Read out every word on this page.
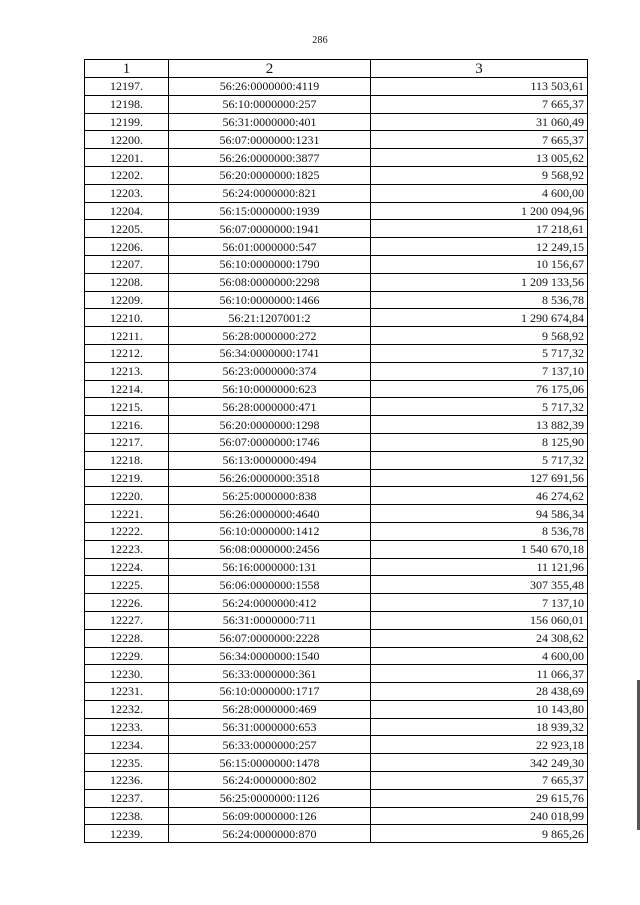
286
1	2	3
12197.	56:26:0000000:4119	113 503,61
12198.	56:10:0000000:257	7 665,37
12199.	56:31:0000000:401	31 060,49
12200.	56:07:0000000:1231	7 665,37
12201.	56:26:0000000:3877	13 005,62
12202.	56:20:0000000:1825	9 568,92
12203.	56:24:0000000:821	4 600,00
12204.	56:15:0000000:1939	1 200 094,96
12205.	56:07:0000000:1941	17 218,61
12206.	56:01:0000000:547	12 249,15
12207.	56:10:0000000:1790	10 156,67
12208.	56:08:0000000:2298	1 209 133,56
12209.	56:10:0000000:1466	8 536,78
12210.	56:21:1207001:2	1 290 674,84
12211.	56:28:0000000:272	9 568,92
12212.	56:34:0000000:1741	5 717,32
12213.	56:23:0000000:374	7 137,10
12214.	56:10:0000000:623	76 175,06
12215.	56:28:0000000:471	5 717,32
12216.	56:20:0000000:1298	13 882,39
12217.	56:07:0000000:1746	8 125,90
12218.	56:13:0000000:494	5 717,32
12219.	56:26:0000000:3518	127 691,56
12220.	56:25:0000000:838	46 274,62
12221.	56:26:0000000:4640	94 586,34
12222.	56:10:0000000:1412	8 536,78
12223.	56:08:0000000:2456	1 540 670,18
12224.	56:16:0000000:131	11 121,96
12225.	56:06:0000000:1558	307 355,48
12226.	56:24:0000000:412	7 137,10
12227.	56:31:0000000:711	156 060,01
12228.	56:07:0000000:2228	24 308,62
12229.	56:34:0000000:1540	4 600,00
12230.	56:33:0000000:361	11 066,37
12231.	56:10:0000000:1717	28 438,69
12232.	56:28:0000000:469	10 143,80
12233.	56:31:0000000:653	18 939,32
12234.	56:33:0000000:257	22 923,18
12235.	56:15:0000000:1478	342 249,30
12236.	56:24:0000000:802	7 665,37
12237.	56:25:0000000:1126	29 615,76
12238.	56:09:0000000:126	240 018,99
12239.	56:24:0000000:870	9 865,26
